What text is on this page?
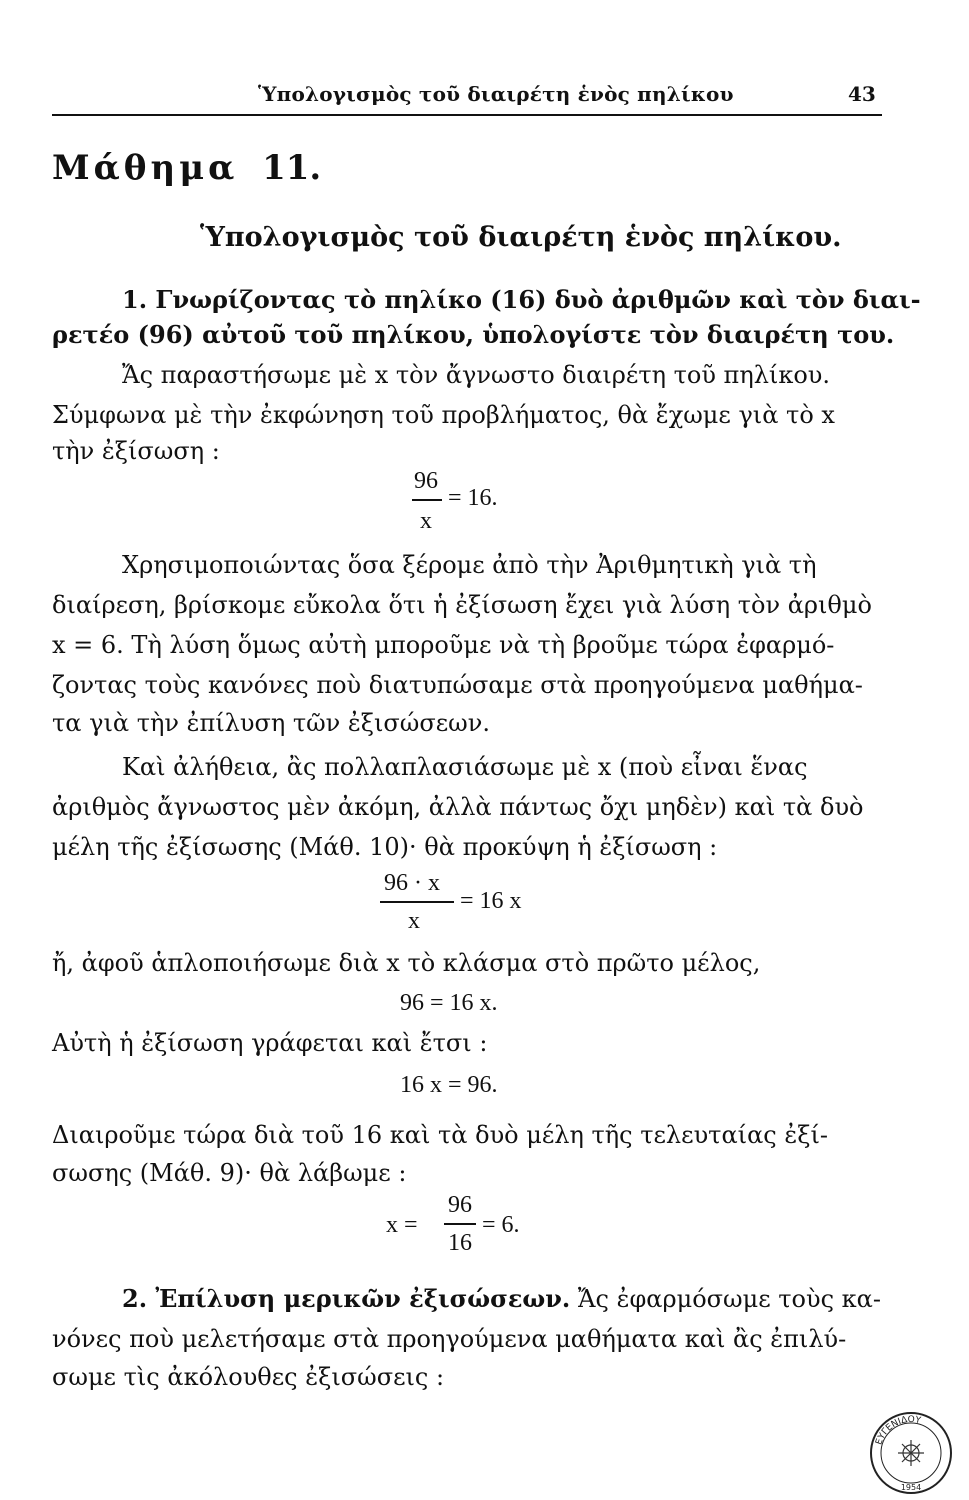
Ὑπολογισμὸς τοῦ διαιρέτη ἑνὸς πηλίκου	43
Μάθημα 11.
Ὑπολογισμὸς τοῦ διαιρέτη ἑνὸς πηλίκου.
1. Γνωρίζοντας τὸ πηλίκο (16) δυὸ ἀριθμῶν καὶ τὸν διαι-
ρετέο (96) αὐτοῦ τοῦ πηλίκου, ὑπολογίστε τὸν διαιρέτη του.
Ἄς παραστήσωμε μὲ x τὸν ἄγνωστο διαιρέτη τοῦ πηλίκου.
Σύμφωνα μὲ τὴν ἐκφώνηση τοῦ προβλήματος, θὰ ἔχωμε γιὰ τὸ x
τὴν ἐξίσωση :
96
= 16.
x
Χρησιμοποιώντας ὅσα ξέρομε ἀπὸ τὴν Ἀριθμητικὴ γιὰ τὴ
διαίρεση, βρίσκομε εὔκολα ὅτι ἡ ἐξίσωση ἔχει γιὰ λύση τὸν ἀριθμὸ
x = 6. Τὴ λύση ὅμως αὐτὴ μποροῦμε νὰ τὴ βροῦμε τώρα ἐφαρμό-
ζοντας τοὺς κανόνες ποὺ διατυπώσαμε στὰ προηγούμενα μαθήμα-
τα γιὰ τὴν ἐπίλυση τῶν ἐξισώσεων.
Καὶ ἀλήθεια, ἂς πολλαπλασιάσωμε μὲ x (ποὺ εἶναι ἕνας
ἀριθμὸς ἄγνωστος μὲν ἀκόμη, ἀλλὰ πάντως ὄχι μηδὲν) καὶ τὰ δυὸ
μέλη τῆς ἐξίσωσης (Μάθ. 10)· θὰ προκύψη ἡ ἐξίσωση :
96 · x
= 16 x
x
ἤ, ἀφοῦ ἁπλοποιήσωμε διὰ x τὸ κλάσμα στὸ πρῶτο μέλος,
96 = 16 x.
Αὐτὴ ἡ ἐξίσωση γράφεται καὶ ἔτσι :
16 x = 96.
Διαιροῦμε τώρα διὰ τοῦ 16 καὶ τὰ δυὸ μέλη τῆς τελευταίας ἐξί-
σωσης (Μάθ. 9)· θὰ λάβωμε :
x =
96
= 6.
16
2. Ἐπίλυση μερικῶν ἐξισώσεων. Ἄς ἐφαρμόσωμε τοὺς κα-
νόνες ποὺ μελετήσαμε στὰ προηγούμενα μαθήματα καὶ ἂς ἐπιλύ-
σωμε τὶς ἀκόλουθες ἐξισώσεις :
ΕΥΓΕΝΙΔΟΥ
1954
